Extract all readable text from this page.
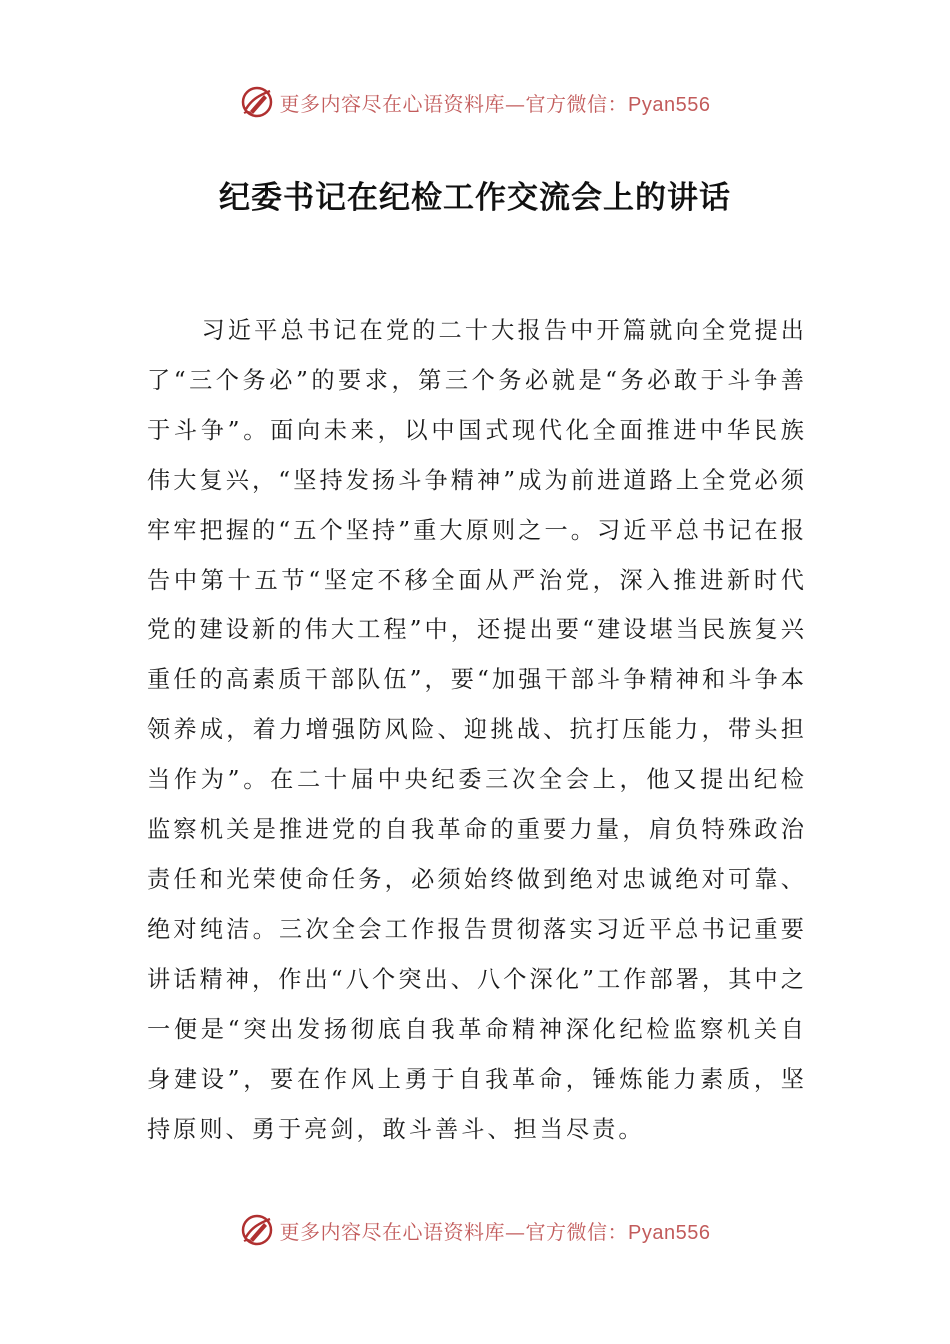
更多内容尽在心语资料库—官方微信：Pyan556
纪委书记在纪检工作交流会上的讲话

习近平总书记在党的二十大报告中开篇就向全党提出了“三个务必”的要求，第三个务必就是“务必敢于斗争善于斗争”。面向未来，以中国式现代化全面推进中华民族伟大复兴，“坚持发扬斗争精神”成为前进道路上全党必须牢牢把握的“五个坚持”重大原则之一。习近平总书记在报告中第十五节“坚定不移全面从严治党，深入推进新时代党的建设新的伟大工程”中，还提出要“建设堪当民族复兴重任的高素质干部队伍”，要“加强干部斗争精神和斗争本领养成，着力增强防风险、迎挑战、抗打压能力，带头担当作为”。在二十届中央纪委三次全会上，他又提出纪检监察机关是推进党的自我革命的重要力量，肩负特殊政治责任和光荣使命任务，必须始终做到绝对忠诚绝对可靠、绝对纯洁。三次全会工作报告贯彻落实习近平总书记重要讲话精神，作出“八个突出、八个深化”工作部署，其中之一便是“突出发扬彻底自我革命精神深化纪检监察机关自身建设”，要在作风上勇于自我革命，锤炼能力素质，坚持原则、勇于亮剑，敢斗善斗、担当尽责。

更多内容尽在心语资料库—官方微信：Pyan556
